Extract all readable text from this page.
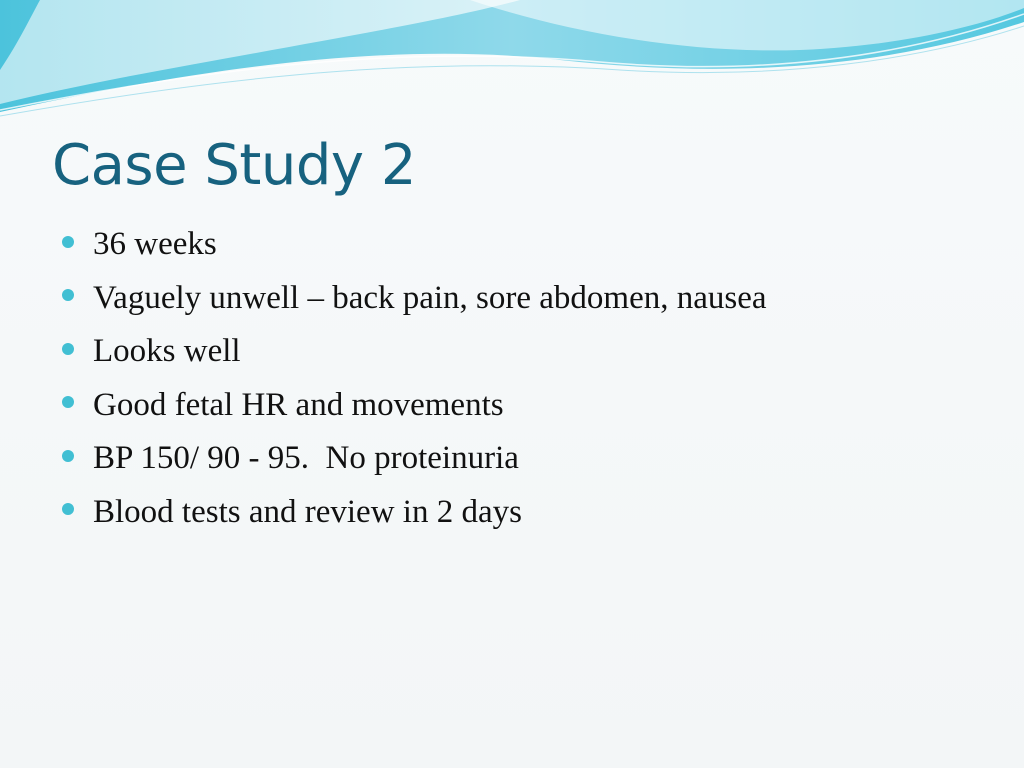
Case Study 2
36 weeks
Vaguely unwell – back pain, sore abdomen, nausea
Looks well
Good fetal HR and movements
BP 150/ 90 - 95.  No proteinuria
Blood tests and review in 2 days
